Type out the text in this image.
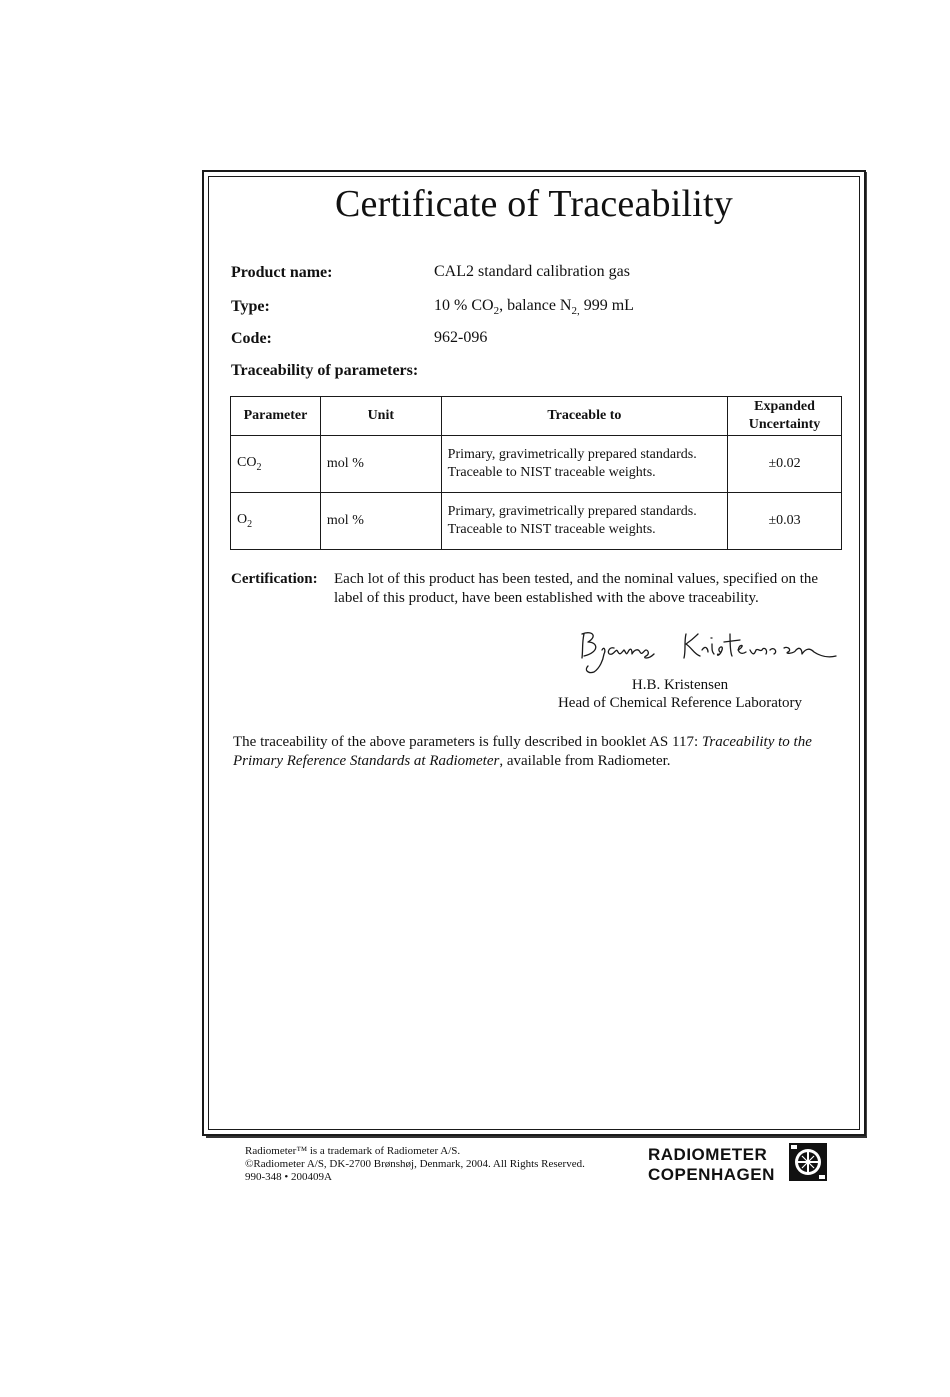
Certificate of Traceability
Product name:	CAL2 standard calibration gas
Type:	10 % $CO_2$, balance $N_{2,}$ 999 mL
Code:	962-096
Traceability of parameters:
Parameter	Unit	Traceable to	Expanded Uncertainty
$CO_2$	mol %	Primary, gravimetrically prepared standards. Traceable to NIST traceable weights.	±0.02
$O_2$	mol %	Primary, gravimetrically prepared standards. Traceable to NIST traceable weights.	±0.03
Certification: Each lot of this product has been tested, and the nominal values, specified on the label of this product, have been established with the above traceability.
H.B. Kristensen
Head of Chemical Reference Laboratory
The traceability of the above parameters is fully described in booklet AS 117: Traceability to the Primary Reference Standards at Radiometer, available from Radiometer.
Radiometer™ is a trademark of Radiometer A/S.
©Radiometer A/S, DK-2700 Brønshøj, Denmark, 2004. All Rights Reserved.
990-348 • 200409A
RADIOMETER
COPENHAGEN
